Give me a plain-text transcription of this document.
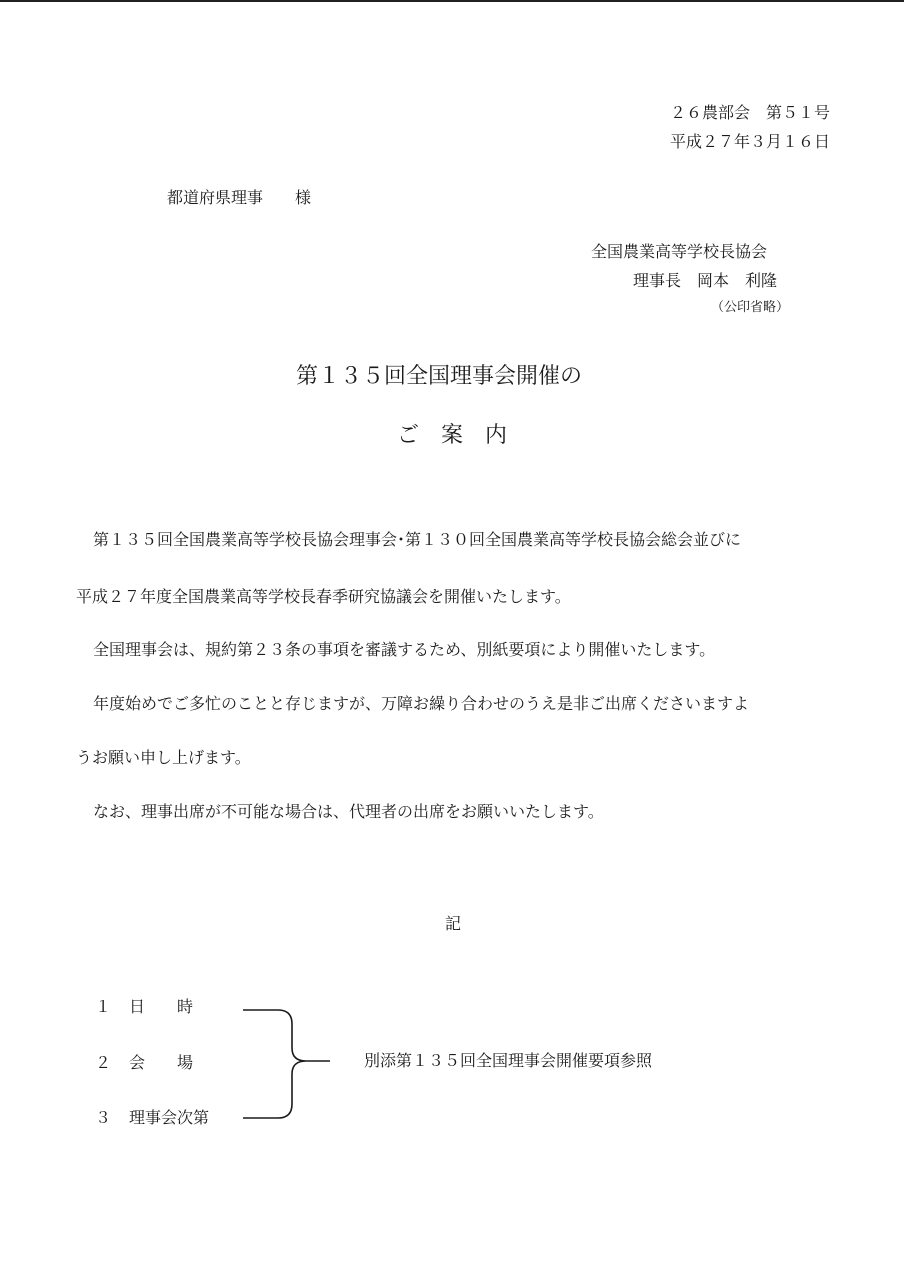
２６農部会　第５１号
平成２７年３月１６日
都道府県理事　　様
全国農業高等学校長協会
理事長　岡本　利隆
（公印省略）
第１３５回全国理事会開催の
ご　案　内
第１３５回全国農業高等学校長協会理事会･第１３０回全国農業高等学校長協会総会並びに
平成２７年度全国農業高等学校長春季研究協議会を開催いたします。
全国理事会は、規約第２３条の事項を審議するため、別紙要項により開催いたします。
年度始めでご多忙のことと存じますが、万障お繰り合わせのうえ是非ご出席くださいますよ
うお願い申し上げます。
なお、理事出席が不可能な場合は、代理者の出席をお願いいたします。
記
１ 日　　時
２ 会　　場
３ 理事会次第
別添第１３５回全国理事会開催要項参照
